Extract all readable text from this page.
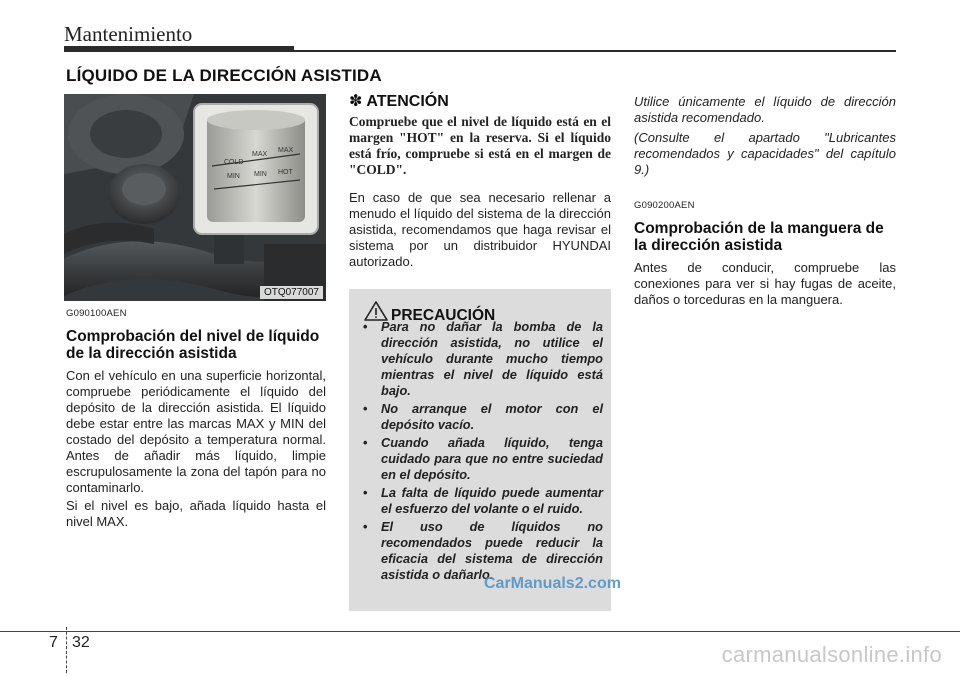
Mantenimiento
LÍQUIDO DE LA DIRECCIÓN ASISTIDA
COLD
MIN
MAX
MIN
MAX
HOT
OTQ077007
G090100AEN
Comprobación del nivel de líquido de la dirección asistida

Con el vehículo en una superficie horizontal, compruebe periódicamente el líquido del depósito de la dirección asistida. El líquido debe estar entre las marcas MAX y MIN del costado del depósito a temperatura normal. Antes de añadir más líquido, limpie escrupulosamente la zona del tapón para no contaminarlo.

Si el nivel es bajo, añada líquido hasta el nivel MAX.

✽ ATENCIÓN
Compruebe que el nivel de líquido está en el margen "HOT" en la reserva. Si el líquido está frío, compruebe si está en el margen de "COLD".
En caso de que sea necesario rellenar a menudo el líquido del sistema de la dirección asistida, recomendamos que haga revisar el sistema por un distribuidor HYUNDAI autorizado.
PRECAUCIÓN
• Para no dañar la bomba de la dirección asistida, no utilice el vehículo durante mucho tiempo mientras el nivel de líquido está bajo.
• No arranque el motor con el depósito vacío.
• Cuando añada líquido, tenga cuidado para que no entre suciedad en el depósito.
• La falta de líquido puede aumentar el esfuerzo del volante o el ruido.
• El uso de líquidos no recomendados puede reducir la eficacia del sistema de dirección asistida o dañarlo.

Utilice únicamente el líquido de dirección asistida recomendado.

(Consulte el apartado "Lubricantes recomendados y capacidades" del capítulo 9.)

G090200AEN
Comprobación de la manguera de la dirección asistida
Antes de conducir, compruebe las conexiones para ver si hay fugas de aceite, daños o torceduras en la manguera.
CarManuals2.com
7 32	carmanualsonline.info
